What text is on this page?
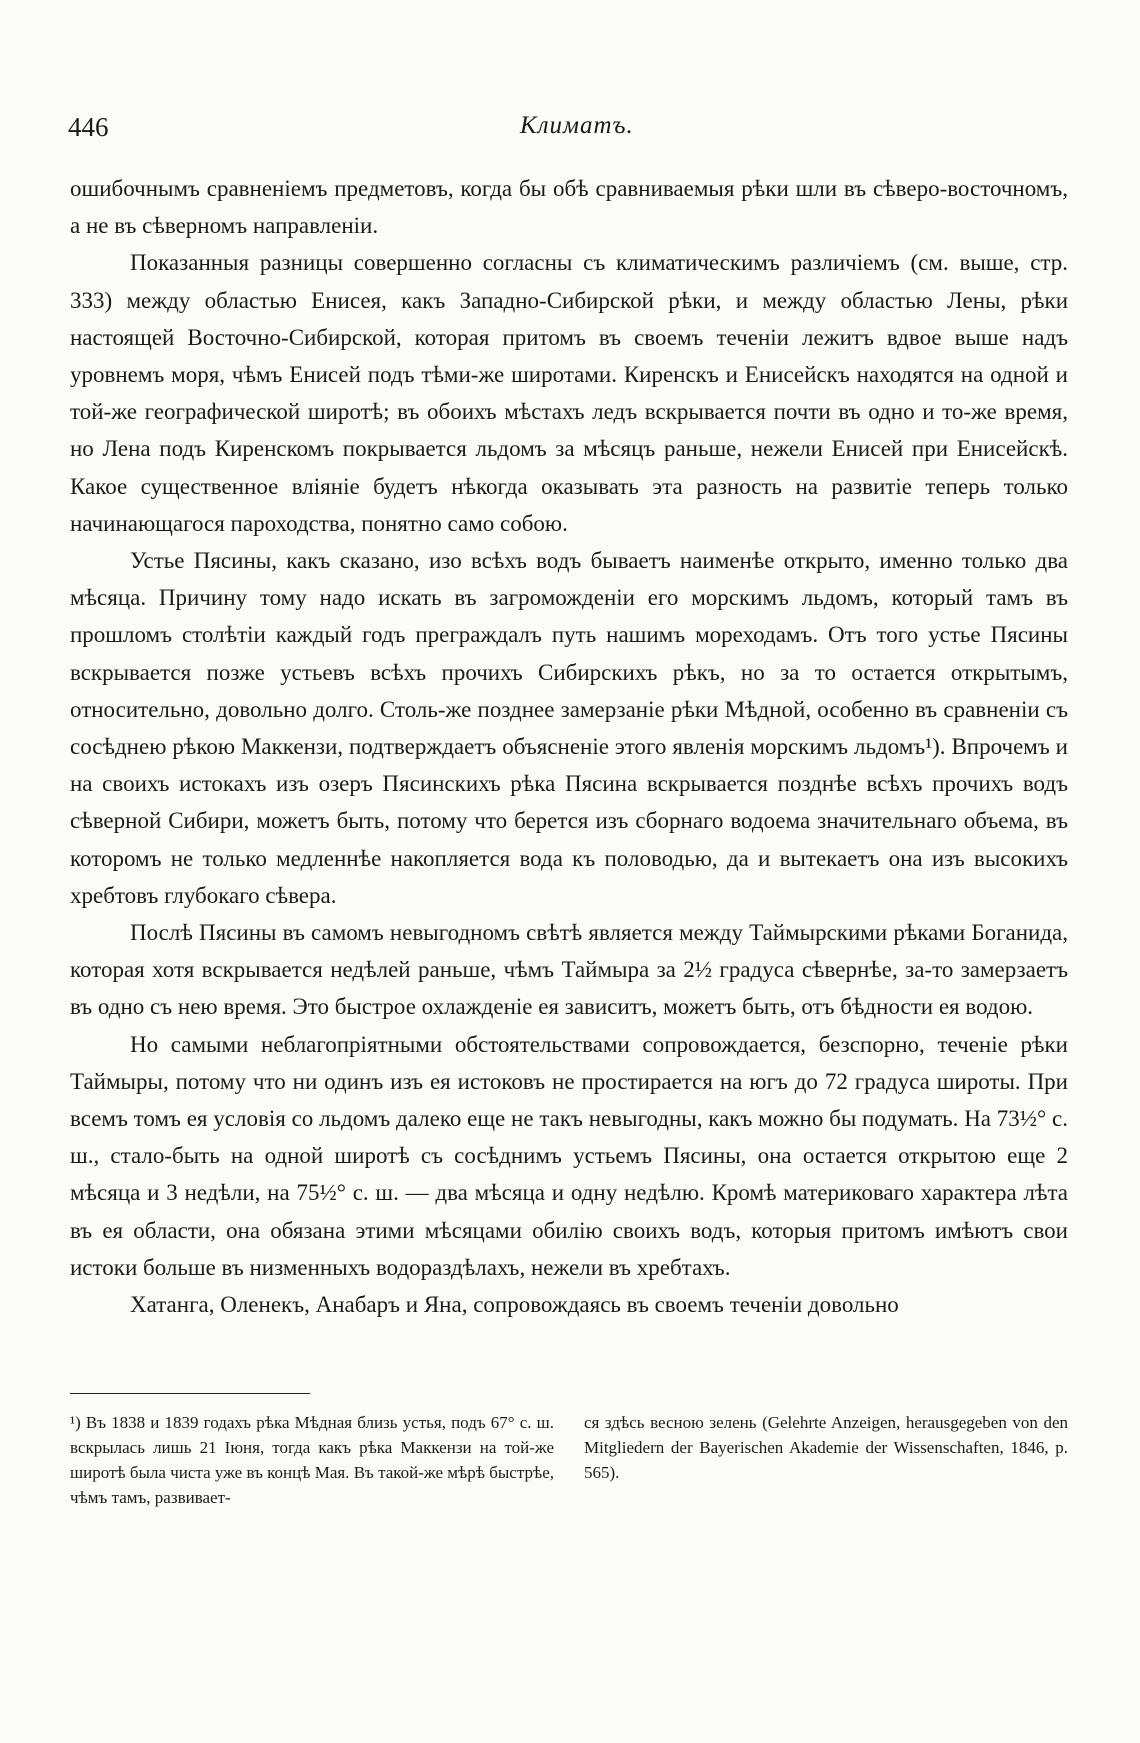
446	Климатъ.

ошибочнымъ сравненіемъ предметовъ, когда бы обѣ сравниваемыя рѣки шли въ сѣверо-восточномъ, а не въ сѣверномъ направленіи.

Показанныя разницы совершенно согласны съ климатическимъ различіемъ (см. выше, стр. 333) между областью Енисея, какъ Западно-Сибирской рѣки, и между областью Лены, рѣки настоящей Восточно-Сибирской, которая притомъ въ своемъ теченіи лежитъ вдвое выше надъ уровнемъ моря, чѣмъ Енисей подъ тѣми-же широтами. Киренскъ и Енисейскъ находятся на одной и той-же географической широтѣ; въ обоихъ мѣстахъ ледъ вскрывается почти въ одно и то-же время, но Лена подъ Киренскомъ покрывается льдомъ за мѣсяцъ раньше, нежели Енисей при Енисейскѣ. Какое существенное вліяніе будетъ нѣкогда оказывать эта разность на развитіе теперь только начинающагося пароходства, понятно само собою.

Устье Пясины, какъ сказано, изо всѣхъ водъ бываетъ наименѣе открыто, именно только два мѣсяца. Причину тому надо искать въ загроможденіи его морскимъ льдомъ, который тамъ въ прошломъ столѣтіи каждый годъ преграждалъ путь нашимъ мореходамъ. Отъ того устье Пясины вскрывается позже устьевъ всѣхъ прочихъ Сибирскихъ рѣкъ, но за то остается открытымъ, относительно, довольно долго. Столь-же позднее замерзаніе рѣки Мѣдной, особенно въ сравненіи съ сосѣднею рѣкою Маккензи, подтверждаетъ объясненіе этого явленія морскимъ льдомъ¹). Впрочемъ и на своихъ истокахъ изъ озеръ Пясинскихъ рѣка Пясина вскрывается позднѣе всѣхъ прочихъ водъ сѣверной Сибири, можетъ быть, потому что берется изъ сборнаго водоема значительнаго объема, въ которомъ не только медленнѣе накопляется вода къ половодью, да и вытекаетъ она изъ высокихъ хребтовъ глубокаго сѣвера.

Послѣ Пясины въ самомъ невыгодномъ свѣтѣ является между Таймырскими рѣками Боганида, которая хотя вскрывается недѣлей раньше, чѣмъ Таймыра за 2½ градуса сѣвернѣе, за-то замерзаетъ въ одно съ нею время. Это быстрое охлажденіе ея зависитъ, можетъ быть, отъ бѣдности ея водою.

Но самыми неблагопріятными обстоятельствами сопровождается, безспорно, теченіе рѣки Таймыры, потому что ни одинъ изъ ея истоковъ не простирается на югъ до 72 градуса широты. При всемъ томъ ея условія со льдомъ далеко еще не такъ невыгодны, какъ можно бы подумать. На 73½° с. ш., стало-быть на одной широтѣ съ сосѣднимъ устьемъ Пясины, она остается открытою еще 2 мѣсяца и 3 недѣли, на 75½° с. ш. — два мѣсяца и одну недѣлю. Кромѣ материковаго характера лѣта въ ея области, она обязана этими мѣсяцами обилію своихъ водъ, которыя притомъ имѣютъ свои истоки больше въ низменныхъ водораздѣлахъ, нежели въ хребтахъ.

Хатанга, Оленекъ, Анабаръ и Яна, сопровождаясь въ своемъ теченіи довольно

¹) Въ 1838 и 1839 годахъ рѣка Мѣдная близь устья, подъ 67° с. ш. вскрылась лишь 21 Іюня, тогда какъ рѣка Маккензи на той-же широтѣ была чиста уже въ концѣ Мая. Въ такой-же мѣрѣ быстрѣе, чѣмъ тамъ, развивает-

ся здѣсь весною зелень (Gelehrte Anzeigen, herausgegeben von den Mitgliedern der Bayerischen Akademie der Wissenschaften, 1846, p. 565).
